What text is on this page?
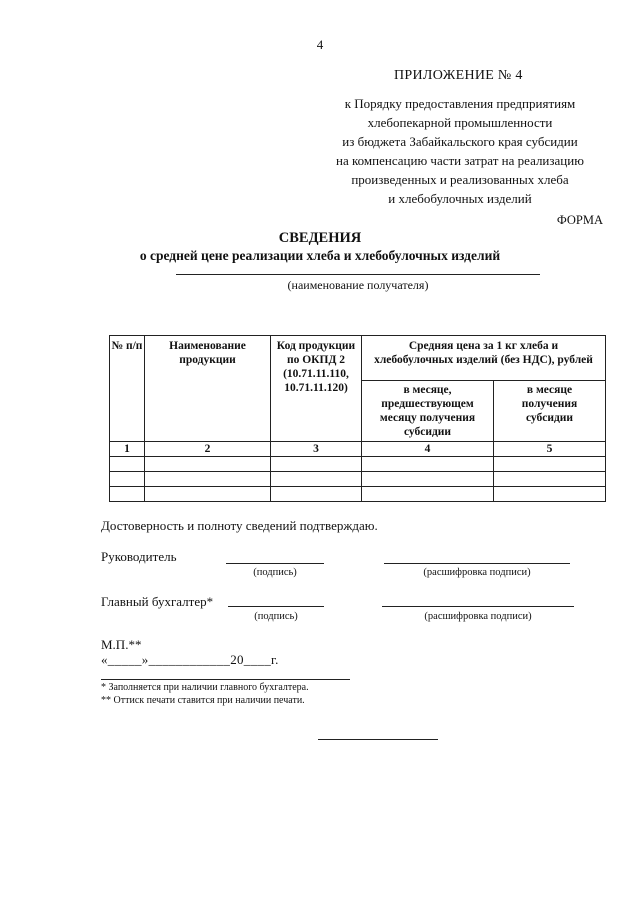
4
ПРИЛОЖЕНИЕ № 4
к Порядку предоставления предприятиям
хлебопекарной промышленности
из бюджета Забайкальского края субсидии
на компенсацию части затрат на реализацию
произведенных и реализованных хлеба
и хлебобулочных изделий
ФОРМА
СВЕДЕНИЯ
о средней цене реализации хлеба и хлебобулочных изделий
(наименование получателя)
№ п/п	Наименование продукции	Код продукции по ОКПД 2 (10.71.11.110, 10.71.11.120)	Средняя цена за 1 кг хлеба и хлебобулочных изделий (без НДС), рублей	
			в месяце, предшествующем месяцу получения субсидии	в месяце получения субсидии
1	2	3	4	5

Достоверность и полноту сведений подтверждаю.
Руководитель
(подпись)	(расшифровка подписи)
Главный бухгалтер*
(подпись)	(расшифровка подписи)
М.П.**
«_____»____________20____г.
* Заполняется при наличии главного бухгалтера.
** Оттиск печати ставится при наличии печати.
